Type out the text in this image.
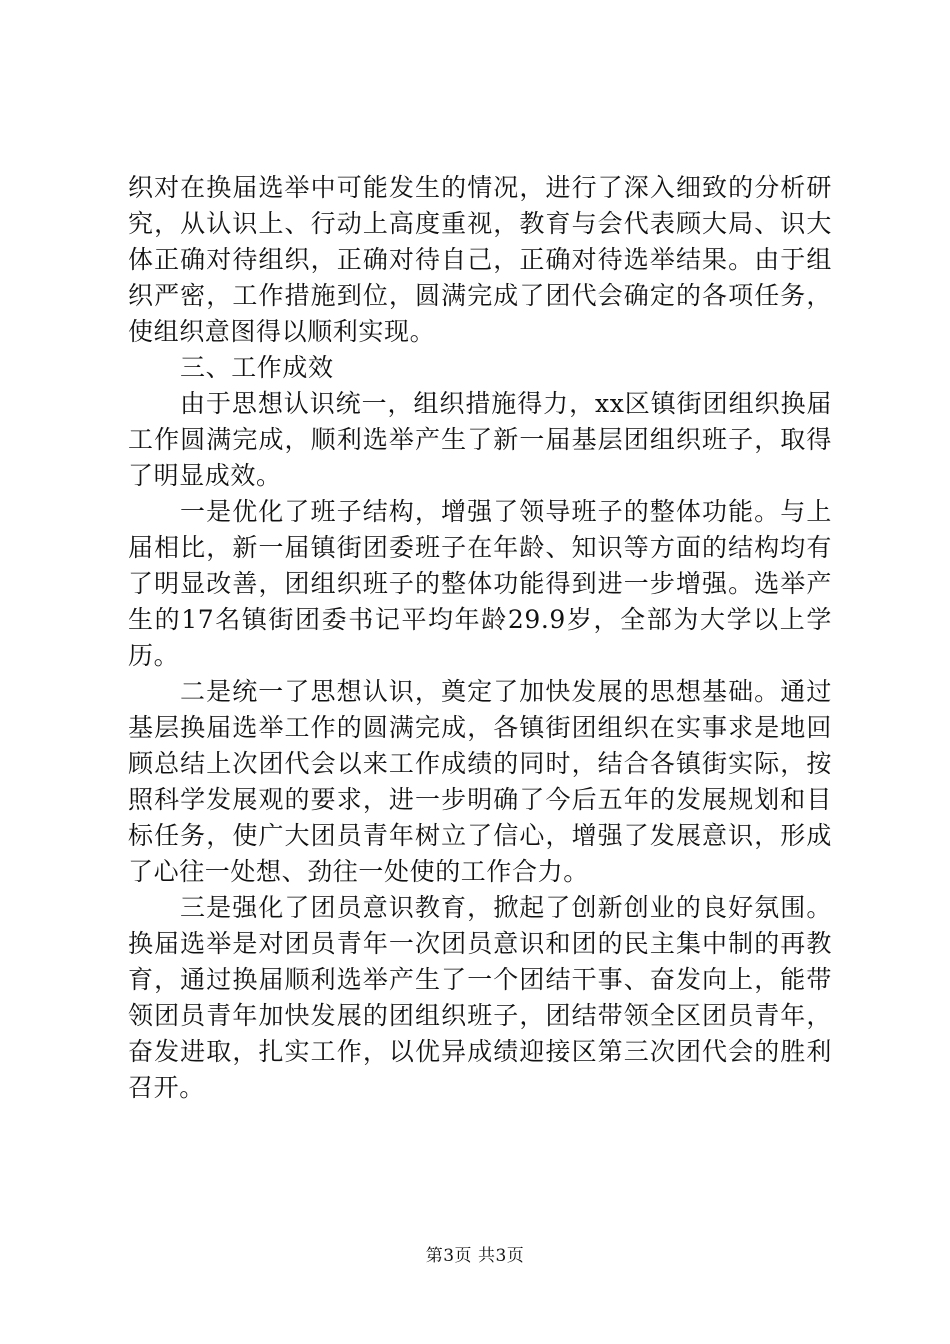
织对在换届选举中可能发生的情况，进行了深入细致的分析研究，从认识上、行动上高度重视，教育与会代表顾大局、识大体正确对待组织，正确对待自己，正确对待选举结果。由于组织严密，工作措施到位，圆满完成了团代会确定的各项任务，使组织意图得以顺利实现。

三、工作成效

由于思想认识统一，组织措施得力，xx区镇街团组织换届工作圆满完成，顺利选举产生了新一届基层团组织班子，取得了明显成效。

一是优化了班子结构，增强了领导班子的整体功能。与上届相比，新一届镇街团委班子在年龄、知识等方面的结构均有了明显改善，团组织班子的整体功能得到进一步增强。选举产生的17名镇街团委书记平均年龄29.9岁，全部为大学以上学历。

二是统一了思想认识，奠定了加快发展的思想基础。通过基层换届选举工作的圆满完成，各镇街团组织在实事求是地回顾总结上次团代会以来工作成绩的同时，结合各镇街实际，按照科学发展观的要求，进一步明确了今后五年的发展规划和目标任务，使广大团员青年树立了信心，增强了发展意识，形成了心往一处想、劲往一处使的工作合力。

三是强化了团员意识教育，掀起了创新创业的良好氛围。换届选举是对团员青年一次团员意识和团的民主集中制的再教育，通过换届顺利选举产生了一个团结干事、奋发向上，能带领团员青年加快发展的团组织班子，团结带领全区团员青年，奋发进取，扎实工作，以优异成绩迎接区第三次团代会的胜利召开。

第3页 共3页
